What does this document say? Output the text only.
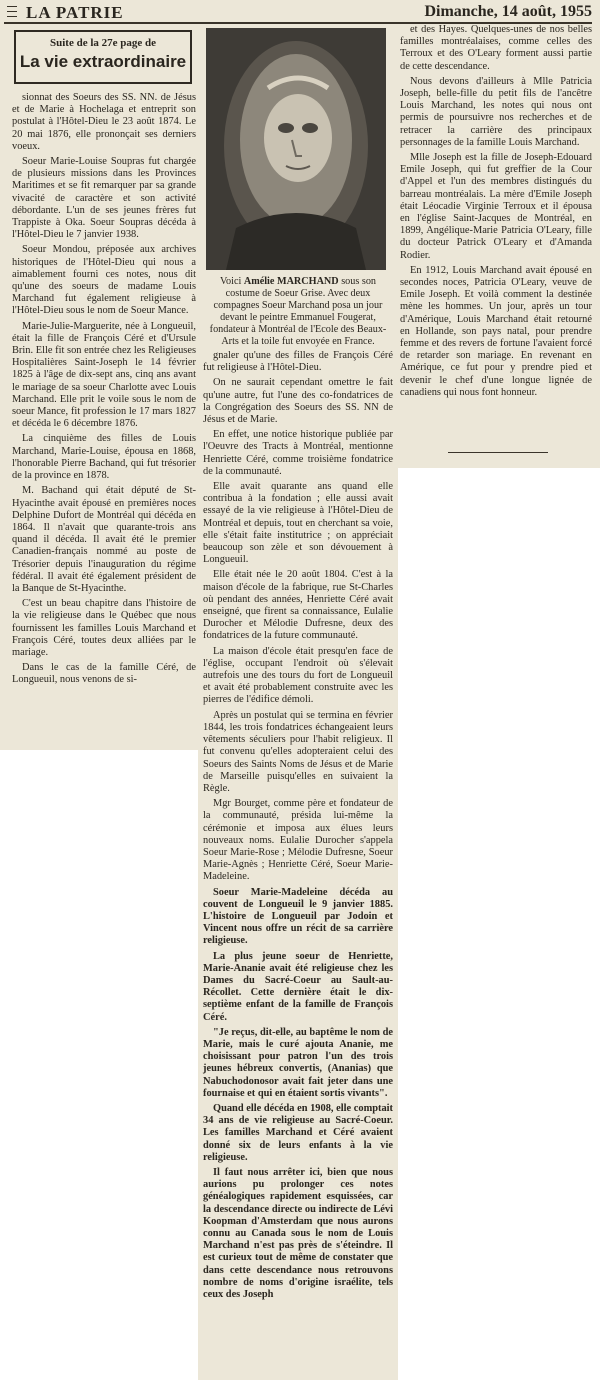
LA PATRIE	Dimanche, 14 août, 1955
Suite de la 27e page de
La vie extraordinaire
Voici Amélie MARCHAND sous son costume de Soeur Grise. Avec deux compagnes Soeur Marchand posa un jour devant le peintre Emmanuel Fougerat, fondateur à Montréal de l'Ecole des Beaux-Arts et la toile fut envoyée en France.

sionnat des Soeurs des SS. NN. de Jésus et de Marie à Hochelaga et entreprit son postulat à l'Hôtel-Dieu le 23 août 1874. Le 20 mai 1876, elle prononçait ses derniers voeux.

Soeur Marie-Louise Soupras fut chargée de plusieurs missions dans les Provinces Maritimes et se fit remarquer par sa grande vivacité de caractère et son activité débordante. L'un de ses jeunes frères fut Trappiste à Oka. Soeur Soupras décéda à l'Hôtel-Dieu le 7 janvier 1938.

Soeur Mondou, préposée aux archives historiques de l'Hôtel-Dieu qui nous a aimablement fourni ces notes, nous dit qu'une des soeurs de madame Louis Marchand fut également religieuse à l'Hôtel-Dieu sous le nom de Soeur Mance.

Marie-Julie-Marguerite, née à Longueuil, était la fille de François Céré et d'Ursule Brin. Elle fit son entrée chez les Religieuses Hospitalières Saint-Joseph le 14 février 1825 à l'âge de dix-sept ans, cinq ans avant le mariage de sa soeur Charlotte avec Louis Marchand. Elle prit le voile sous le nom de soeur Mance, fit profession le 17 mars 1827 et décéda le 6 décembre 1876.

La cinquième des filles de Louis Marchand, Marie-Louise, épousa en 1868, l'honorable Pierre Bachand, qui fut trésorier de la province en 1878.

M. Bachand qui était député de St-Hyacinthe avait épousé en premières noces Delphine Dufort de Montréal qui décéda en 1864. Il n'avait que quarante-trois ans quand il décéda. Il avait été le premier Canadien-français nommé au poste de Trésorier depuis l'inauguration du régime fédéral. Il avait été également président de la Banque de St-Hyacinthe.

C'est un beau chapitre dans l'histoire de la vie religieuse dans le Québec que nous fournissent les familles Louis Marchand et François Céré, toutes deux alliées par le mariage.

Dans le cas de la famille Céré, de Longueuil, nous venons de si-

gnaler qu'une des filles de François Céré fut religieuse à l'Hôtel-Dieu.

On ne saurait cependant omettre le fait qu'une autre, fut l'une des co-fondatrices de la Congrégation des Soeurs des SS. NN de Jésus et de Marie.

En effet, une notice historique publiée par l'Oeuvre des Tracts à Montréal, mentionne Henriette Céré, comme troisième fondatrice de la communauté.

Elle avait quarante ans quand elle contribua à la fondation ; elle aussi avait essayé de la vie religieuse à l'Hôtel-Dieu de Montréal et depuis, tout en cherchant sa voie, elle s'était faite institutrice ; on appréciait beaucoup son zèle et son dévouement à Longueuil.

Elle était née le 20 août 1804. C'est à la maison d'école de la fabrique, rue St-Charles où pendant des années, Henriette Céré avait enseigné, que firent sa connaissance, Eulalie Durocher et Mélodie Dufresne, deux des fondatrices de la future communauté.

La maison d'école était presqu'en face de l'église, occupant l'endroit où s'élevait autrefois une des tours du fort de Longueuil et avait été probablement construite avec les pierres de l'édifice démoli.

Après un postulat qui se termina en février 1844, les trois fondatrices échangeaient leurs vêtements séculiers pour l'habit religieux. Il fut convenu qu'elles adopteraient celui des Soeurs des Saints Noms de Jésus et de Marie de Marseille puisqu'elles en suivaient la Règle.

Mgr Bourget, comme père et fondateur de la communauté, présida lui-même la cérémonie et imposa aux élues leurs nouveaux noms. Eulalie Durocher s'appela Soeur Marie-Rose ; Mélodie Dufresne, Soeur Marie-Agnès ; Henriette Céré, Soeur Marie-Madeleine.

Soeur Marie-Madeleine décéda au couvent de Longueuil le 9 janvier 1885. L'histoire de Longueuil par Jodoin et Vincent nous offre un récit de sa carrière religieuse.

La plus jeune soeur de Henriette, Marie-Ananie avait été religieuse chez les Dames du Sacré-Coeur au Sault-au-Récollet. Cette dernière était le dix-septième enfant de la famille de François Céré.

"Je reçus, dit-elle, au baptême le nom de Marie, mais le curé ajouta Ananie, me choisissant pour patron l'un des trois jeunes hébreux convertis, (Ananias) que Nabuchodonosor avait fait jeter dans une fournaise et qui en étaient sortis vivants".

Quand elle décéda en 1908, elle comptait 34 ans de vie religieuse au Sacré-Coeur. Les familles Marchand et Céré avaient donné six de leurs enfants à la vie religieuse.

Il faut nous arrêter ici, bien que nous aurions pu prolonger ces notes généalogiques rapidement esquissées, car la descendance directe ou indirecte de Lévi Koopman d'Amsterdam que nous aurons connu au Canada sous le nom de Louis Marchand n'est pas près de s'éteindre. Il est curieux tout de même de constater que dans cette descendance nous retrouvons nombre de noms d'origine israélite, tels ceux des Joseph

et des Hayes. Quelques-unes de nos belles familles montréalaises, comme celles des Terroux et des O'Leary forment aussi partie de cette descendance.

Nous devons d'ailleurs à Mlle Patricia Joseph, belle-fille du petit fils de l'ancêtre Louis Marchand, les notes qui nous ont permis de poursuivre nos recherches et de retracer la carrière des principaux personnages de la famille Louis Marchand.

Mlle Joseph est la fille de Joseph-Edouard Emile Joseph, qui fut greffier de la Cour d'Appel et l'un des membres distingués du barreau montréalais. La mère d'Emile Joseph était Léocadie Virginie Terroux et il épousa en l'église Saint-Jacques de Montréal, en 1899, Angélique-Marie Patricia O'Leary, fille du docteur Patrick O'Leary et d'Amanda Rodier.

En 1912, Louis Marchand avait épousé en secondes noces, Patricia O'Leary, veuve de Emile Joseph. Et voilà comment la destinée mène les hommes. Un jour, après un tour d'Amérique, Louis Marchand était retourné en Hollande, son pays natal, pour prendre femme et des revers de fortune l'avaient forcé de retarder son mariage. En revenant en Amérique, ce fut pour y prendre pied et devenir le chef d'une longue lignée de canadiens qui nous font honneur.
